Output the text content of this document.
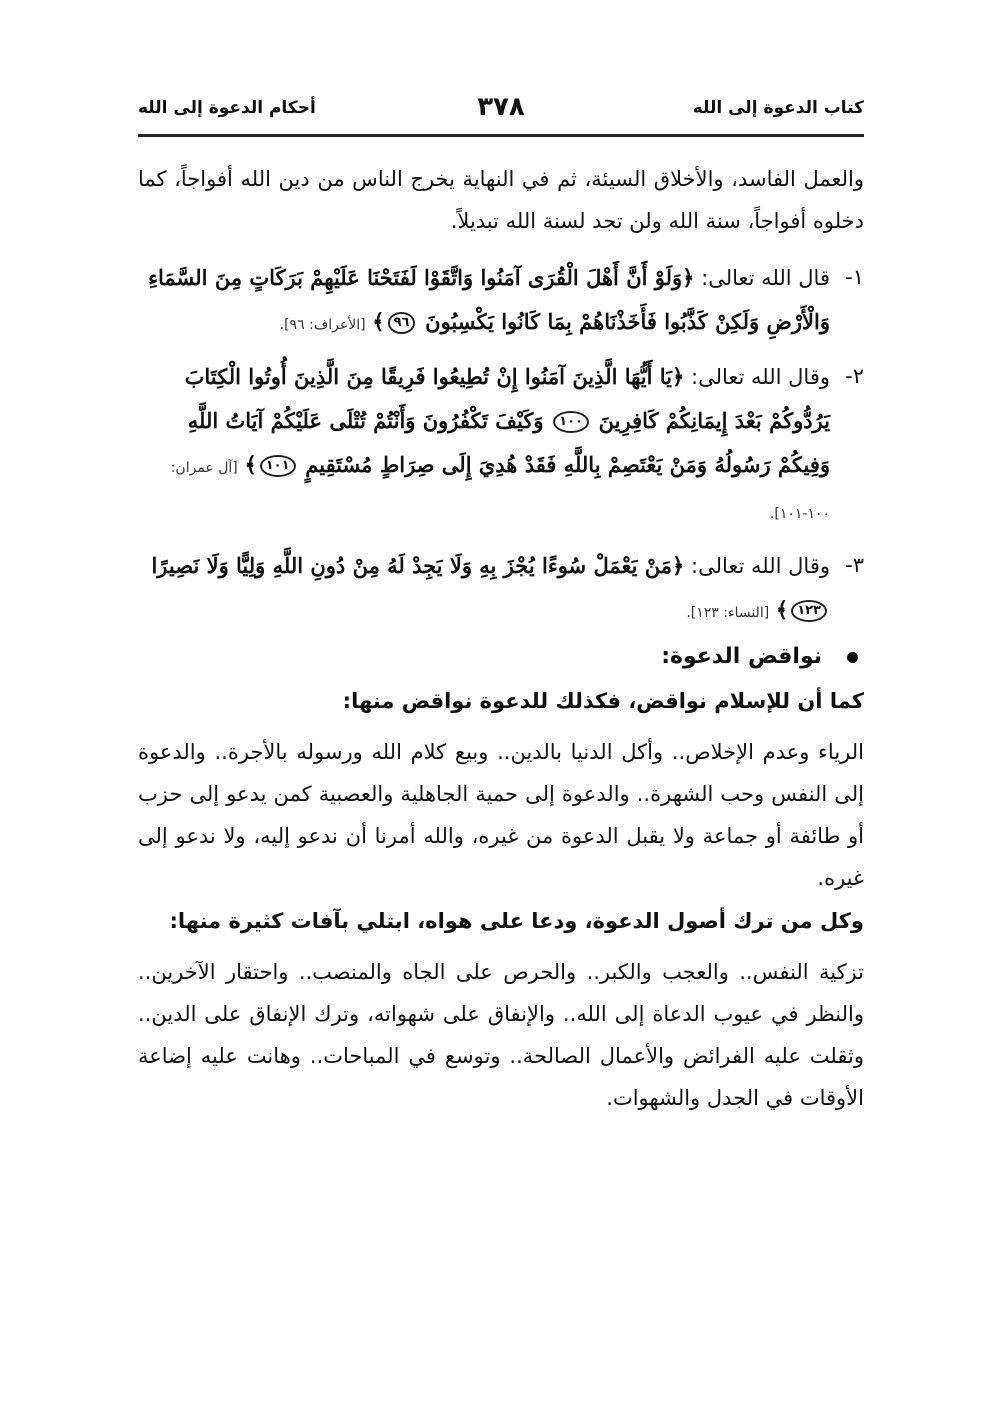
كتاب الدعوة إلى الله
٣٧٨
أحكام الدعوة إلى الله

والعمل الفاسد، والأخلاق السيئة، ثم في النهاية يخرج الناس من دين الله أفواجاً، كما دخلوه أفواجاً، سنة الله ولن تجد لسنة الله تبديلاً.

١-
قال الله تعالى: ﴿وَلَوْ أَنَّ أَهْلَ الْقُرَى آمَنُوا وَاتَّقَوْا لَفَتَحْنَا عَلَيْهِمْ بَرَكَاتٍ مِنَ السَّمَاءِ وَالْأَرْضِ وَلَكِنْ كَذَّبُوا فَأَخَذْنَاهُمْ بِمَا كَانُوا يَكْسِبُونَ ٩٦﴾ [الأعراف: ٩٦].
٢-
وقال الله تعالى: ﴿يَا أَيُّهَا الَّذِينَ آمَنُوا إِنْ تُطِيعُوا فَرِيقًا مِنَ الَّذِينَ أُوتُوا الْكِتَابَ يَرُدُّوكُمْ بَعْدَ إِيمَانِكُمْ كَافِرِينَ ١٠٠ وَكَيْفَ تَكْفُرُونَ وَأَنْتُمْ تُتْلَى عَلَيْكُمْ آيَاتُ اللَّهِ وَفِيكُمْ رَسُولُهُ وَمَنْ يَعْتَصِمْ بِاللَّهِ فَقَدْ هُدِيَ إِلَى صِرَاطٍ مُسْتَقِيمٍ ١٠١﴾ [آل عمران: ١٠٠-١٠١].
٣-
وقال الله تعالى: ﴿مَنْ يَعْمَلْ سُوءًا يُجْزَ بِهِ وَلَا يَجِدْ لَهُ مِنْ دُونِ اللَّهِ وَلِيًّا وَلَا نَصِيرًا ١٢٣﴾ [النساء: ١٢٣].
نواقض الدعوة:

كما أن للإسلام نواقض، فكذلك للدعوة نواقض منها:

الرياء وعدم الإخلاص.. وأكل الدنيا بالدين.. وبيع كلام الله ورسوله بالأجرة.. والدعوة إلى النفس وحب الشهرة.. والدعوة إلى حمية الجاهلية والعصبية كمن يدعو إلى حزب أو طائفة أو جماعة ولا يقبل الدعوة من غيره، والله أمرنا أن ندعو إليه، ولا ندعو إلى غيره.

وكل من ترك أصول الدعوة، ودعا على هواه، ابتلي بآفات كثيرة منها:

تزكية النفس.. والعجب والكبر.. والحرص على الجاه والمنصب.. واحتقار الآخرين.. والنظر في عيوب الدعاة إلى الله.. والإنفاق على شهواته، وترك الإنفاق على الدين.. وثقلت عليه الفرائض والأعمال الصالحة.. وتوسع في المباحات.. وهانت عليه إضاعة الأوقات في الجدل والشهوات.
